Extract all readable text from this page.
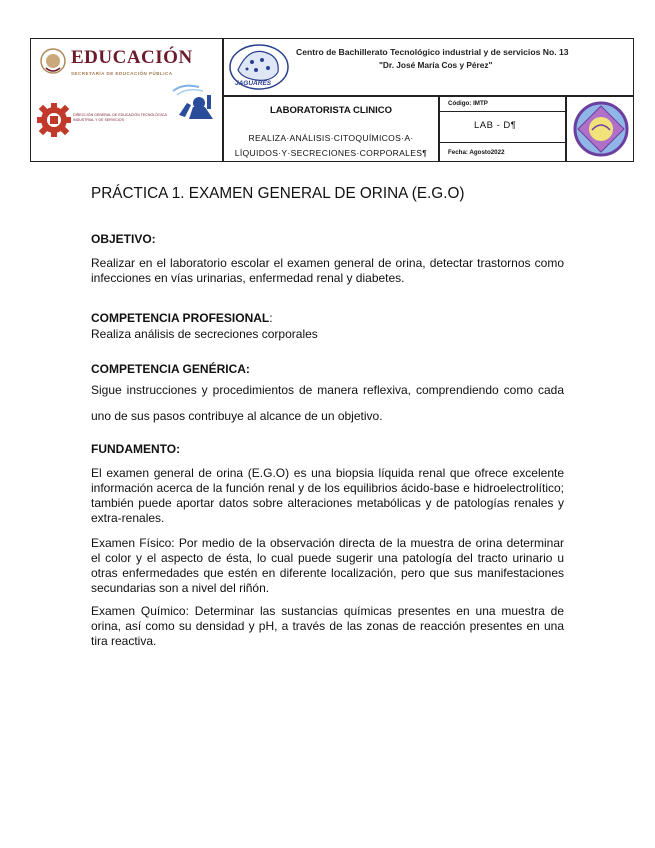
EDUCACIÓN
SECRETARÍA DE EDUCACIÓN PÚBLICA
DIRECCIÓN GENERAL DE EDUCACIÓN TECNOLÓGICA INDUSTRIAL Y DE SERVICIOS
JAGUARES
Centro de Bachillerato Tecnológico industrial y de servicios No. 13
"Dr. José María Cos y Pérez"
LABORATORISTA CLINICO
REALIZA·ANÁLISIS·CITOQUÍMICOS·A·
LÍQUIDOS·Y·SECRECIONES·CORPORALES¶
Código: IMTP
LAB - D¶
Fecha: Agosto2022
PRÁCTICA 1. EXAMEN GENERAL DE ORINA (E.G.O)
OBJETIVO:
Realizar en el laboratorio escolar el examen general de orina, detectar trastornos como infecciones en vías urinarias, enfermedad renal y diabetes.
COMPETENCIA PROFESIONAL:
Realiza análisis de secreciones corporales
COMPETENCIA GENÉRICA:
Sigue instrucciones y procedimientos de manera reflexiva, comprendiendo como cada uno de sus pasos contribuye al alcance de un objetivo.
FUNDAMENTO:
El examen general de orina (E.G.O) es una biopsia líquida renal que ofrece excelente información acerca de la función renal y de los equilibrios ácido-base e hidroelectrolítico; también puede aportar datos sobre alteraciones metabólicas y de patologías renales y extra-renales.
Examen Físico: Por medio de la observación directa de la muestra de orina determinar el color y el aspecto de ésta, lo cual puede sugerir una patología del tracto urinario u otras enfermedades que estén en diferente localización, pero que sus manifestaciones secundarias son a nivel del riñón.
Examen Químico: Determinar las sustancias químicas presentes en una muestra de orina, así como su densidad y pH, a través de las zonas de reacción presentes en una tira reactiva.
